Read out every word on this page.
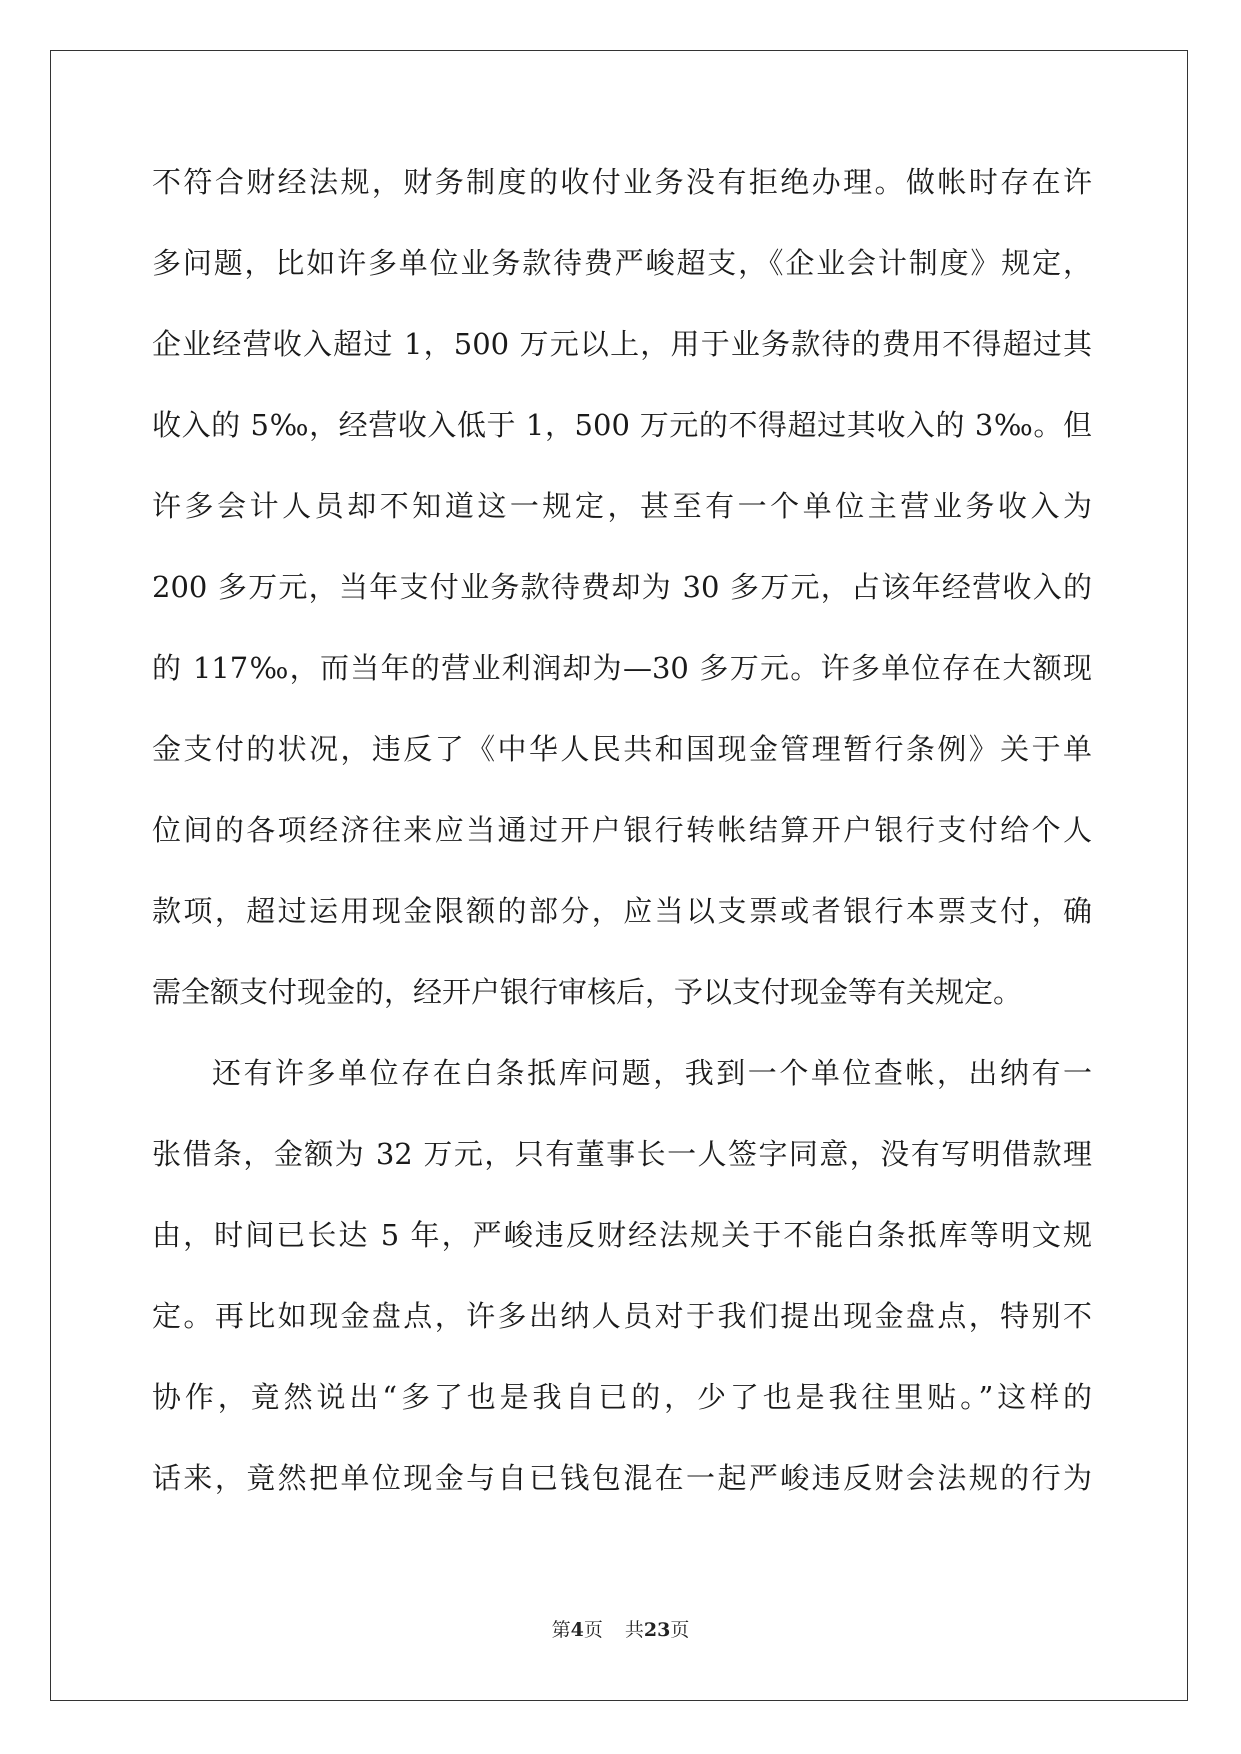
不符合财经法规，财务制度的收付业务没有拒绝办理。做帐时存在许
多问题，比如许多单位业务款待费严峻超支，《企业会计制度》规定，
企业经营收入超过 1，500 万元以上，用于业务款待的费用不得超过其
收入的 5‰，经营收入低于 1，500 万元的不得超过其收入的 3‰。但
许多会计人员却不知道这一规定，甚至有一个单位主营业务收入为
200 多万元，当年支付业务款待费却为 30 多万元，占该年经营收入的
的 117‰，而当年的营业利润却为—30 多万元。许多单位存在大额现
金支付的状况，违反了《中华人民共和国现金管理暂行条例》关于单
位间的各项经济往来应当通过开户银行转帐结算开户银行支付给个人
款项，超过运用现金限额的部分，应当以支票或者银行本票支付，确
需全额支付现金的，经开户银行审核后，予以支付现金等有关规定。
还有许多单位存在白条抵库问题，我到一个单位查帐，出纳有一
张借条，金额为 32 万元，只有董事长一人签字同意，没有写明借款理
由，时间已长达 5 年，严峻违反财经法规关于不能白条抵库等明文规
定。再比如现金盘点，许多出纳人员对于我们提出现金盘点，特别不
协作，竟然说出“多了也是我自已的，少了也是我往里贴。”这样的
话来，竟然把单位现金与自已钱包混在一起严峻违反财会法规的行为
第4页 共23页
